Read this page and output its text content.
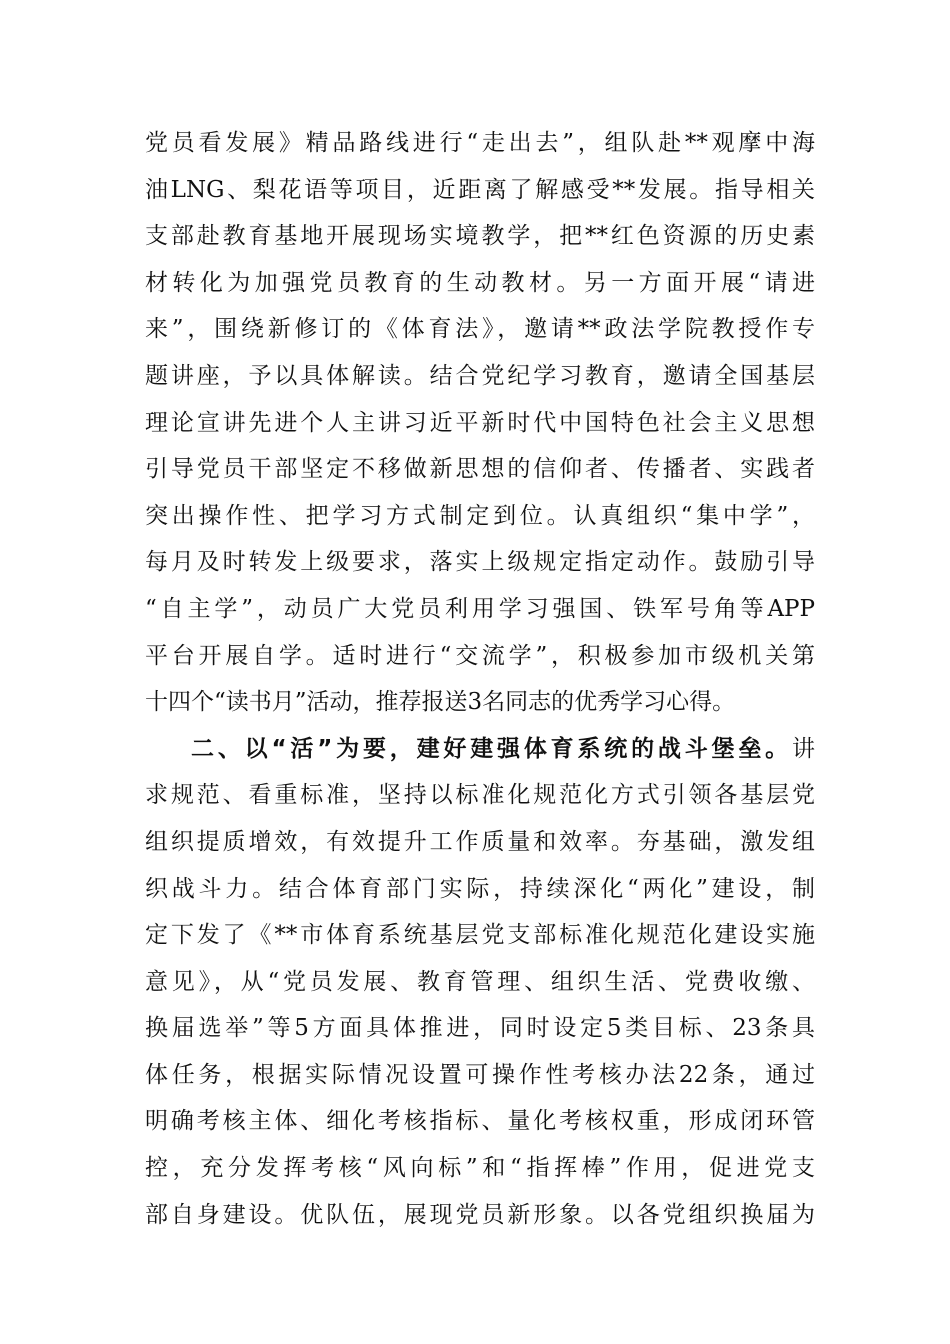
党员看发展》精品路线进行“走出去”，组队赴**观摩中海
油LNG、梨花语等项目，近距离了解感受**发展。指导相关
支部赴教育基地开展现场实境教学，把**红色资源的历史素
材转化为加强党员教育的生动教材。另一方面开展“请进
来”，围绕新修订的《体育法》，邀请**政法学院教授作专
题讲座，予以具体解读。结合党纪学习教育，邀请全国基层
理论宣讲先进个人主讲习近平新时代中国特色社会主义思想
引导党员干部坚定不移做新思想的信仰者、传播者、实践者
突出操作性、把学习方式制定到位。认真组织“集中学”，
每月及时转发上级要求，落实上级规定指定动作。鼓励引导
“自主学”，动员广大党员利用学习强国、铁军号角等APP
平台开展自学。适时进行“交流学”，积极参加市级机关第
十四个“读书月”活动，推荐报送3名同志的优秀学习心得。
二、以“活”为要，建好建强体育系统的战斗堡垒。讲
求规范、看重标准，坚持以标准化规范化方式引领各基层党
组织提质增效，有效提升工作质量和效率。夯基础，激发组
织战斗力。结合体育部门实际，持续深化“两化”建设，制
定下发了《**市体育系统基层党支部标准化规范化建设实施
意见》，从“党员发展、教育管理、组织生活、党费收缴、
换届选举”等5方面具体推进，同时设定5类目标、23条具
体任务，根据实际情况设置可操作性考核办法22条，通过
明确考核主体、细化考核指标、量化考核权重，形成闭环管
控，充分发挥考核“风向标”和“指挥棒”作用，促进党支
部自身建设。优队伍，展现党员新形象。以各党组织换届为
